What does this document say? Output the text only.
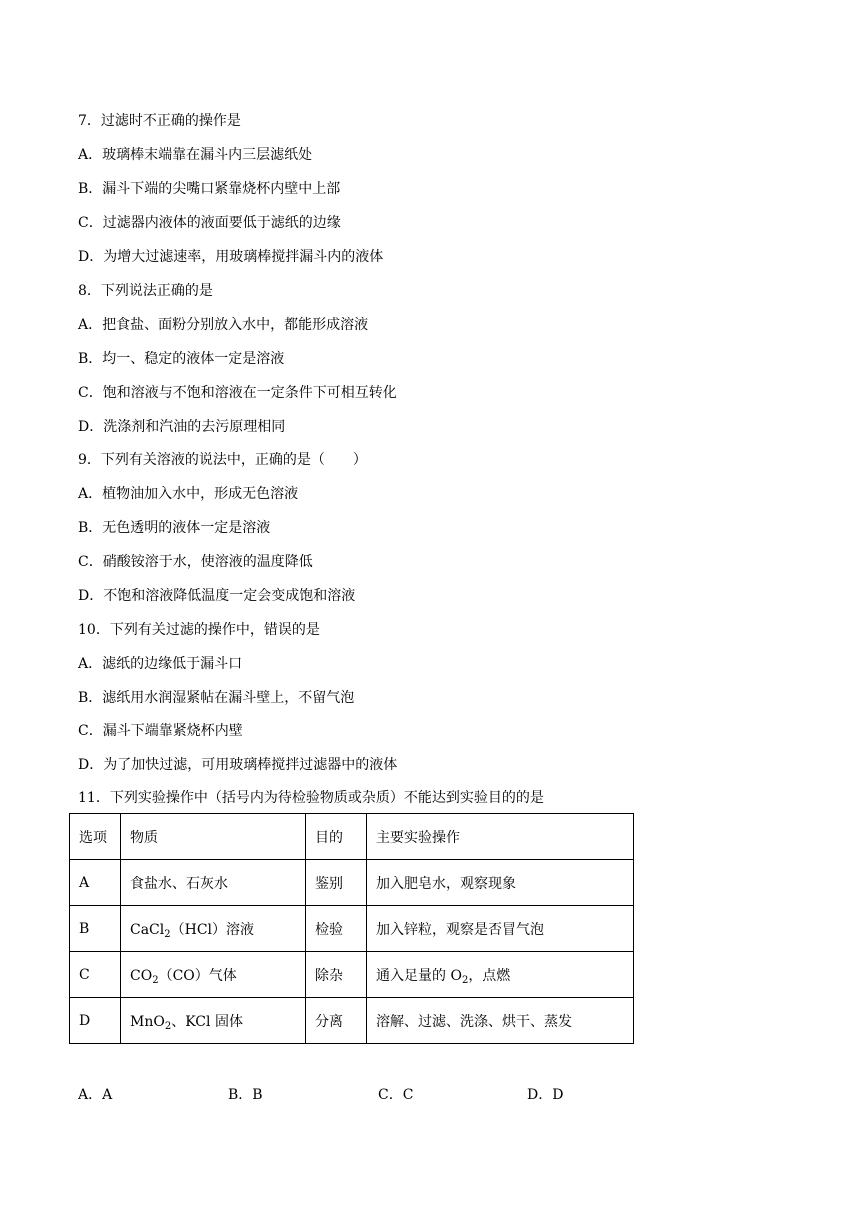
7．过滤时不正确的操作是

A．玻璃棒末端靠在漏斗内三层滤纸处

B．漏斗下端的尖嘴口紧靠烧杯内壁中上部

C．过滤器内液体的液面要低于滤纸的边缘

D．为增大过滤速率，用玻璃棒搅拌漏斗内的液体

8．下列说法正确的是

A．把食盐、面粉分别放入水中，都能形成溶液

B．均一、稳定的液体一定是溶液

C．饱和溶液与不饱和溶液在一定条件下可相互转化

D．洗涤剂和汽油的去污原理相同

9．下列有关溶液的说法中，正确的是（　　）

A．植物油加入水中，形成无色溶液

B．无色透明的液体一定是溶液

C．硝酸铵溶于水，使溶液的温度降低

D．不饱和溶液降低温度一定会变成饱和溶液

10．下列有关过滤的操作中，错误的是

A．滤纸的边缘低于漏斗口

B．滤纸用水润湿紧帖在漏斗壁上，不留气泡

C．漏斗下端靠紧烧杯内壁

D．为了加快过滤，可用玻璃棒搅拌过滤器中的液体

11．下列实验操作中（括号内为待检验物质或杂质）不能达到实验目的的是

选项	物质	目的	主要实验操作
A	食盐水、石灰水	鉴别	加入肥皂水，观察现象
B	CaCl$_2$（HCl）溶液	检验	加入锌粒，观察是否冒气泡
C	$CO_2(CO)$气体	除杂	通入足量的 $O_2$，点燃
D	MnO$_2$、KCl 固体	分离	溶解、过滤、洗涤、烘干、蒸发
A．A	B．B	C．C	D．D
